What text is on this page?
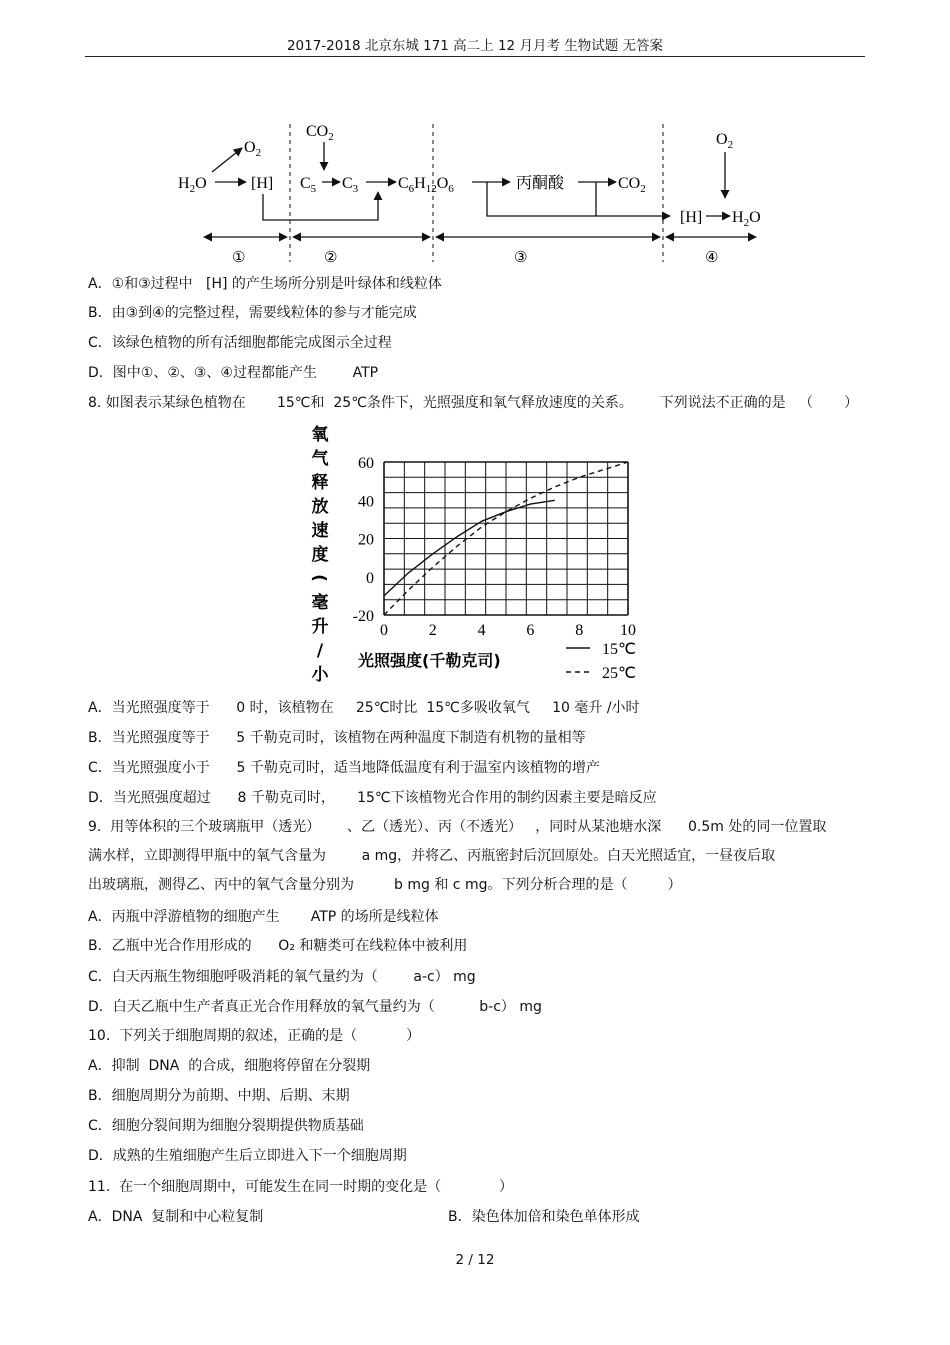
2017-2018 北京东城 171 高二上 12 月月考 生物试题 无答案
$O_2$
$H_2O$	[H]
$CO_2$
$C_5$ $C_3$ $C_6H_{12}O_6$	丙酮酸	$CO_2$
$O_2$
[H] $H_2O$
①	②	③	④
A．①和③过程中   [H] 的产生场所分别是叶绿体和线粒体
B．由③到④的完整过程，需要线粒体的参与才能完成
C．该绿色植物的所有活细胞都能完成图示全过程
D．图中①、②、③、④过程都能产生        ATP
8. 如图表示某绿色植物在       15℃和  25℃条件下，光照强度和氧气释放速度的关系。      下列说法不正确的是   （       ）
氧
气
释
放
速
度
(
毫
升
/
小
0	2	4	6	8 10
60
40
20
0
-20
光照强度(千勒克司)
15℃
25℃
A．当光照强度等于      0 时，该植物在     25℃时比  15℃多吸收氧气     10 毫升 /小时
B．当光照强度等于      5 千勒克司时，该植物在两种温度下制造有机物的量相等
C．当光照强度小于      5 千勒克司时，适当地降低温度有利于温室内该植物的增产
D．当光照强度超过      8 千勒克司时，     15℃下该植物光合作用的制约因素主要是暗反应
9.  用等体积的三个玻璃瓶甲（透光）      、乙（透光）、丙（不透光）   ，同时从某池塘水深      0.5m 处的同一位置取
满水样，立即测得甲瓶中的氧气含量为        a mg，并将乙、丙瓶密封后沉回原处。白天光照适宜，一昼夜后取
出玻璃瓶，测得乙、丙中的氧气含量分别为         b mg 和 c mg。下列分析合理的是（         ）
A．丙瓶中浮游植物的细胞产生       ATP 的场所是线粒体
B．乙瓶中光合作用形成的      O₂ 和糖类可在线粒体中被利用
C．白天丙瓶生物细胞呼吸消耗的氧气量约为（        a-c） mg
D．白天乙瓶中生产者真正光合作用释放的氧气量约为（          b-c） mg
10.  下列关于细胞周期的叙述，正确的是（           ）
A．抑制  DNA  的合成，细胞将停留在分裂期
B．细胞周期分为前期、中期、后期、末期
C．细胞分裂间期为细胞分裂期提供物质基础
D．成熟的生殖细胞产生后立即进入下一个细胞周期
11.  在一个细胞周期中，可能发生在同一时期的变化是（             ）
A．DNA  复制和中心粒复制	B．染色体加倍和染色单体形成
2 / 12
